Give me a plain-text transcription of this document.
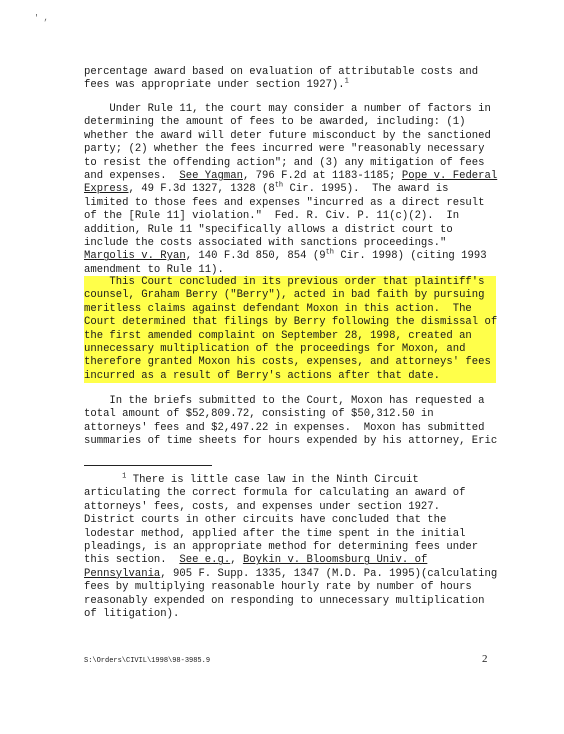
' ,
percentage award based on evaluation of attributable costs and
fees was appropriate under section 1927).$^1$
Under Rule 11, the court may consider a number of factors in
determining the amount of fees to be awarded, including: (1)
whether the award will deter future misconduct by the sanctioned
party; (2) whether the fees incurred were "reasonably necessary
to resist the offending action"; and (3) any mitigation of fees
and expenses.  See Yagman, 796 F.2d at 1183-1185; Pope v. Federal
Express, 49 F.3d 1327, 1328 (8th Cir. 1995).  The award is
limited to those fees and expenses "incurred as a direct result
of the [Rule 11] violation."  Fed. R. Civ. P. 11(c)(2).  In
addition, Rule 11 "specifically allows a district court to
include the costs associated with sanctions proceedings."
Margolis v. Ryan, 140 F.3d 850, 854 (9th Cir. 1998) (citing 1993
amendment to Rule 11).
This Court concluded in its previous order that plaintiff's
counsel, Graham Berry ("Berry"), acted in bad faith by pursuing
meritless claims against defendant Moxon in this action.  The
Court determined that filings by Berry following the dismissal of
the first amended complaint on September 28, 1998, created an
unnecessary multiplication of the proceedings for Moxon, and
therefore granted Moxon his costs, expenses, and attorneys' fees
incurred as a result of Berry's actions after that date.
In the briefs submitted to the Court, Moxon has requested a
total amount of $52,809.72, consisting of $50,312.50 in
attorneys' fees and $2,497.22 in expenses.  Moxon has submitted
summaries of time sheets for hours expended by his attorney, Eric
$^1$ There is little case law in the Ninth Circuit
articulating the correct formula for calculating an award of
attorneys' fees, costs, and expenses under section 1927.
District courts in other circuits have concluded that the
lodestar method, applied after the time spent in the initial
pleadings, is an appropriate method for determining fees under
this section.  See e.g., Boykin v. Bloomsburg Univ. of
Pennsylvania, 905 F. Supp. 1335, 1347 (M.D. Pa. 1995)(calculating
fees by multiplying reasonable hourly rate by number of hours
reasonably expended on responding to unnecessary multiplication
of litigation).
S:\Orders\CIVIL\1998\98-3985.9	2
